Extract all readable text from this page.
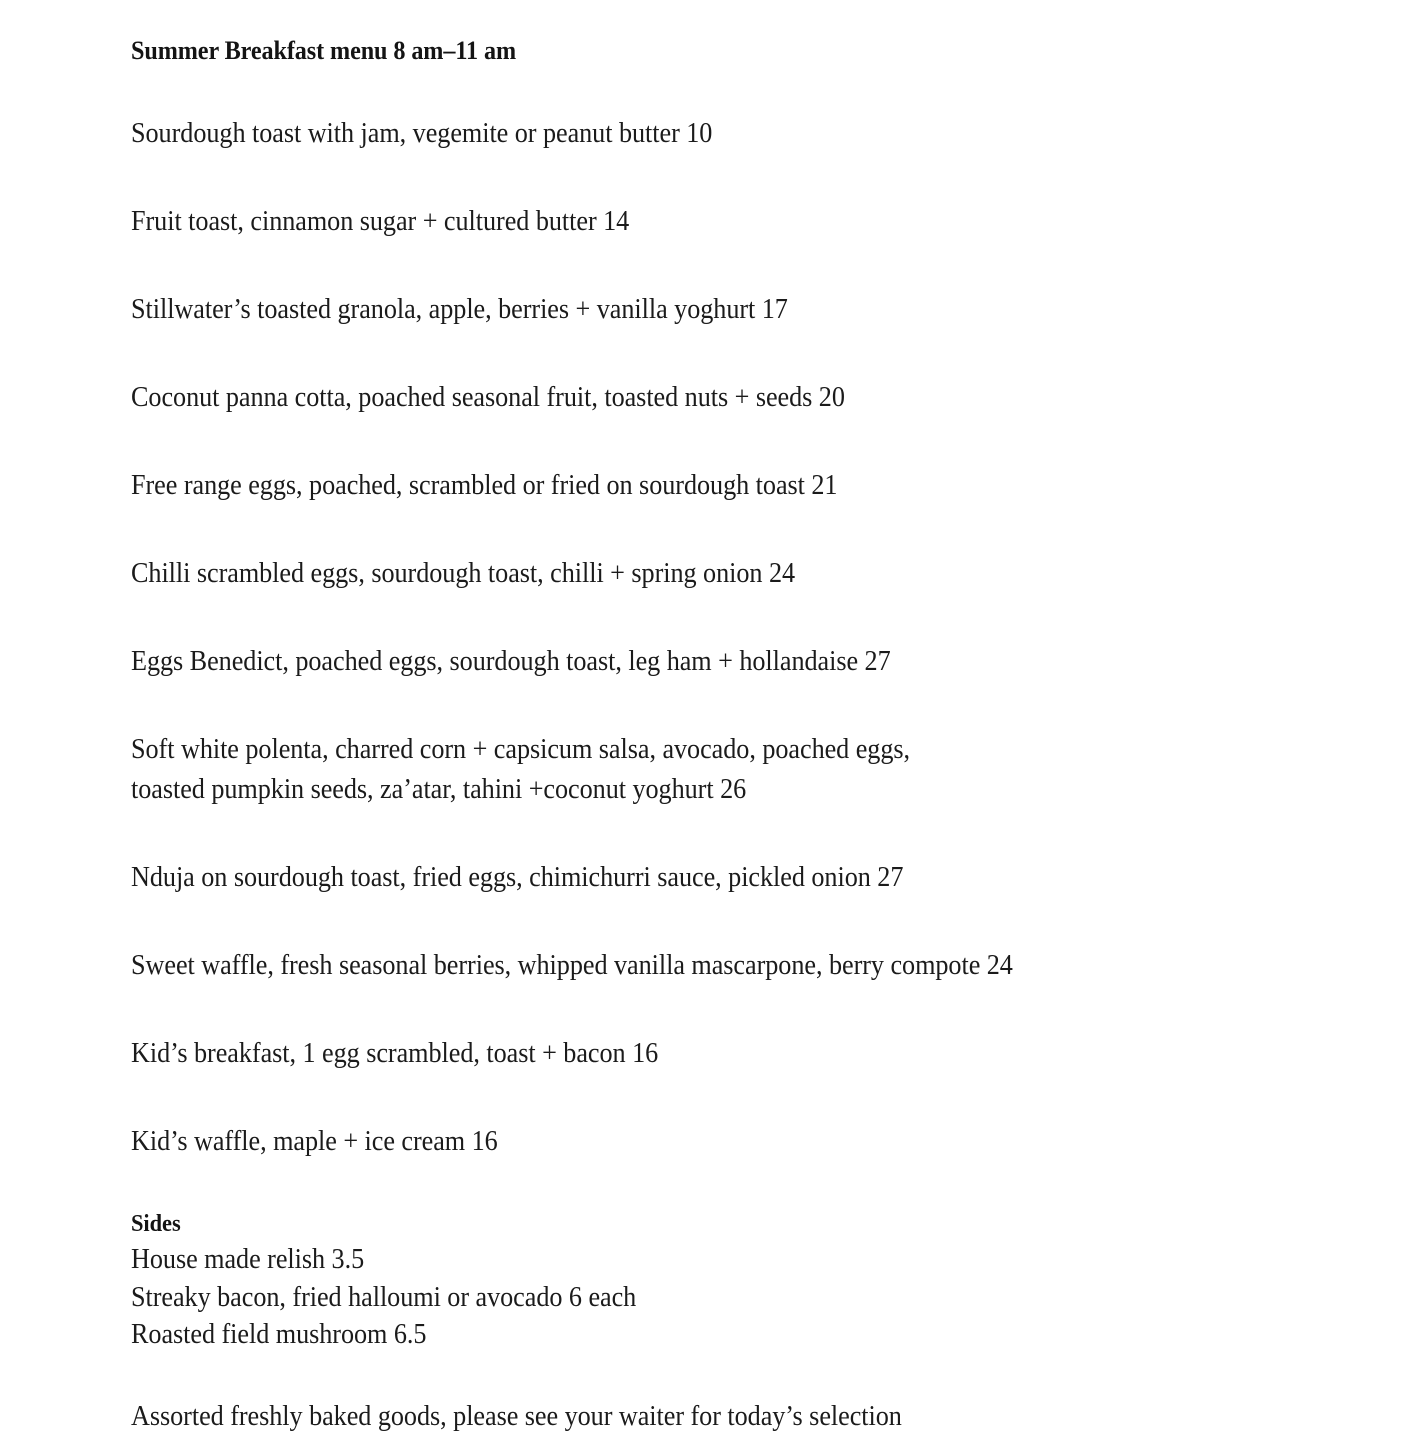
Summer Breakfast menu 8 am–11 am
Sourdough toast with jam, vegemite or peanut butter 10
Fruit toast, cinnamon sugar + cultured butter 14
Stillwater’s toasted granola, apple, berries + vanilla yoghurt 17
Coconut panna cotta, poached seasonal fruit, toasted nuts + seeds 20
Free range eggs, poached, scrambled or fried on sourdough toast 21
Chilli scrambled eggs, sourdough toast, chilli + spring onion 24
Eggs Benedict, poached eggs, sourdough toast, leg ham + hollandaise 27
Soft white polenta, charred corn + capsicum salsa, avocado, poached eggs,
toasted pumpkin seeds, za’atar, tahini +coconut yoghurt 26
Nduja on sourdough toast, fried eggs, chimichurri sauce, pickled onion 27
Sweet waffle, fresh seasonal berries, whipped vanilla mascarpone, berry compote 24
Kid’s breakfast, 1 egg scrambled, toast + bacon 16
Kid’s waffle, maple + ice cream 16
Sides
House made relish 3.5
Streaky bacon, fried halloumi or avocado 6 each
Roasted field mushroom 6.5
Assorted freshly baked goods, please see your waiter for today’s selection
